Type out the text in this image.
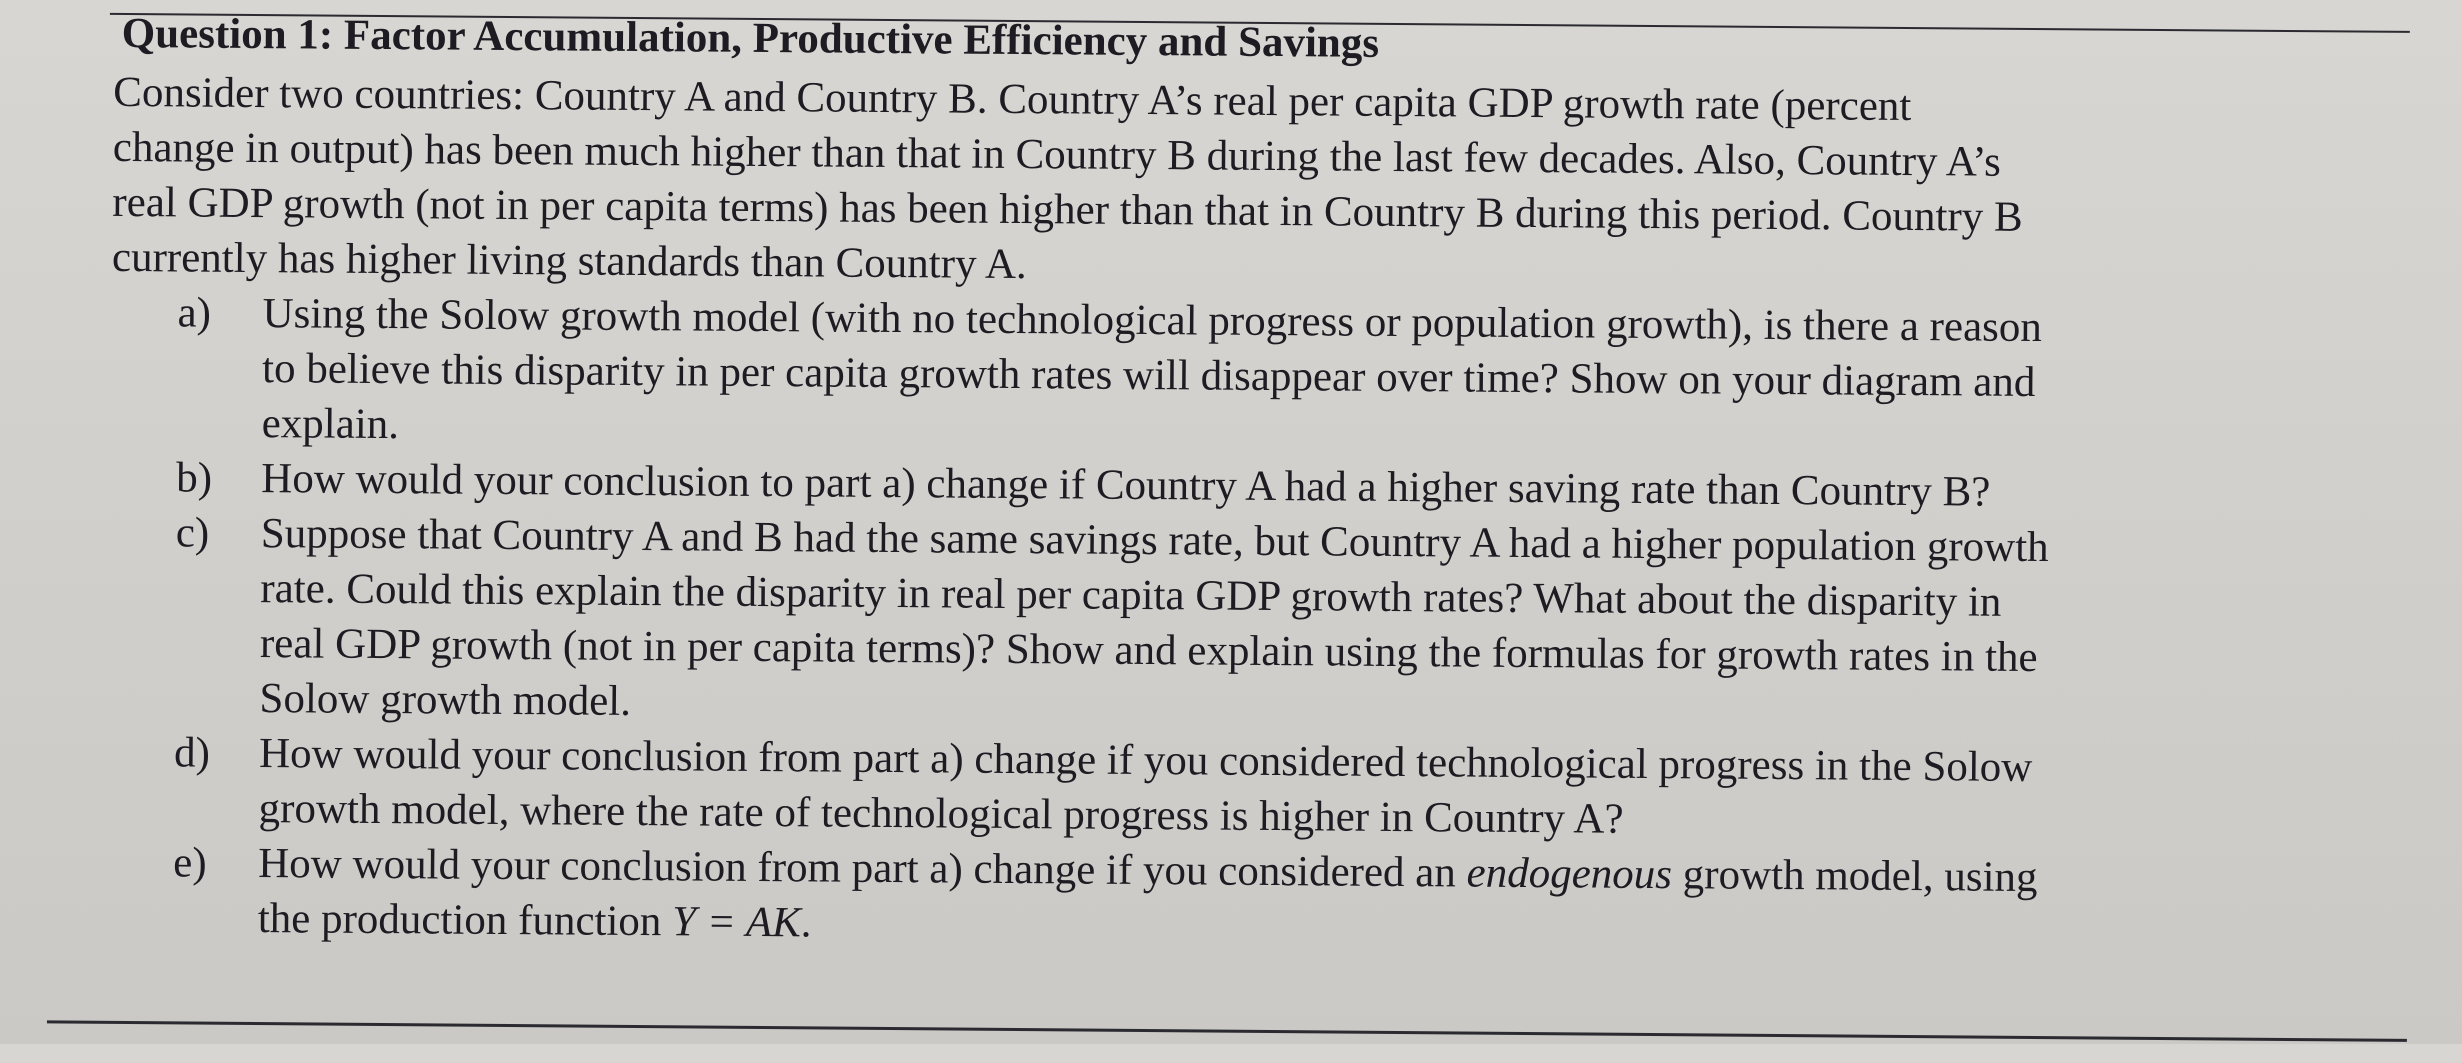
Question 1: Factor Accumulation, Productive Efficiency and Savings
Consider two countries: Country A and Country B. Country A’s real per capita GDP growth rate (percent
change in output) has been much higher than that in Country B during the last few decades. Also, Country A’s
real GDP growth (not in per capita terms) has been higher than that in Country B during this period. Country B
currently has higher living standards than Country A.
a) Using the Solow growth model (with no technological progress or population growth), is there a reason
to believe this disparity in per capita growth rates will disappear over time? Show on your diagram and
explain.
b) How would your conclusion to part a) change if Country A had a higher saving rate than Country B?
c) Suppose that Country A and B had the same savings rate, but Country A had a higher population growth
rate. Could this explain the disparity in real per capita GDP growth rates? What about the disparity in
real GDP growth (not in per capita terms)? Show and explain using the formulas for growth rates in the
Solow growth model.
d) How would your conclusion from part a) change if you considered technological progress in the Solow
growth model, where the rate of technological progress is higher in Country A?
e) How would your conclusion from part a) change if you considered an endogenous growth model, using
the production function Y = AK.
